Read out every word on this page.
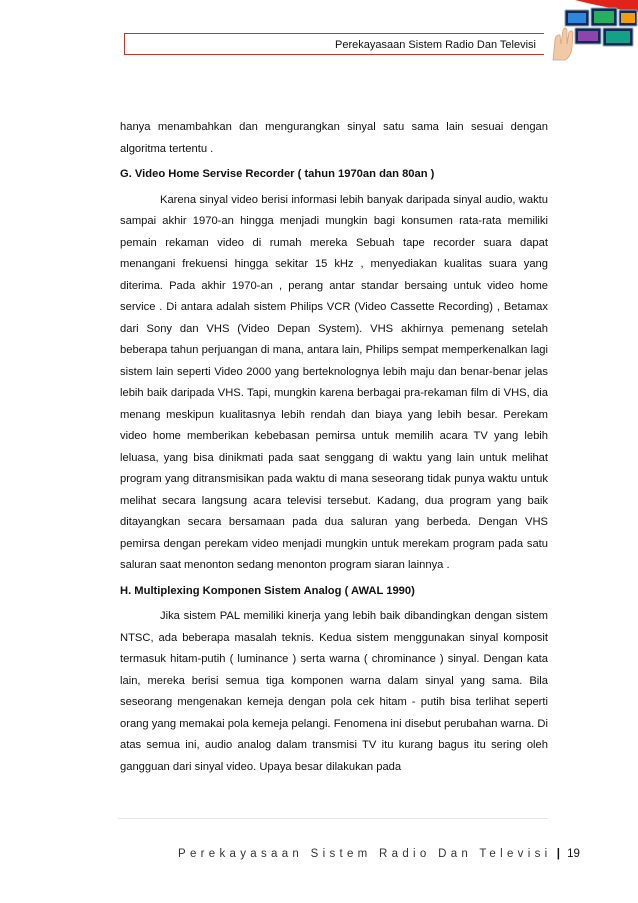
Perekayasaan Sistem Radio Dan Televisi

hanya menambahkan dan mengurangkan sinyal satu sama lain sesuai dengan algoritma tertentu .

G. Video Home Servise Recorder ( tahun 1970an dan 80an )

Karena sinyal video berisi informasi lebih banyak daripada sinyal audio, waktu sampai akhir 1970-an hingga menjadi mungkin bagi konsumen rata-rata memiliki pemain rekaman video di rumah mereka Sebuah tape recorder suara dapat menangani frekuensi hingga sekitar 15 kHz , menyediakan kualitas suara yang diterima. Pada akhir 1970-an , perang antar standar bersaing untuk video home service . Di antara adalah sistem Philips VCR (Video Cassette Recording) , Betamax dari Sony dan VHS (Video Depan System). VHS akhirnya pemenang setelah beberapa tahun perjuangan di mana, antara lain, Philips sempat memperkenalkan lagi sistem lain seperti Video 2000 yang berteknolognya lebih maju dan benar-benar jelas lebih baik daripada VHS. Tapi, mungkin karena berbagai pra-rekaman film di VHS, dia menang meskipun kualitasnya lebih rendah dan biaya yang lebih besar. Perekam video home memberikan kebebasan pemirsa untuk memilih acara TV yang lebih leluasa, yang bisa dinikmati pada saat senggang di waktu yang lain untuk melihat program yang ditransmisikan pada waktu di mana seseorang tidak punya waktu untuk melihat secara langsung acara televisi tersebut. Kadang, dua program yang baik ditayangkan secara bersamaan pada dua saluran yang berbeda. Dengan VHS pemirsa dengan perekam video menjadi mungkin untuk merekam program pada satu saluran saat menonton sedang menonton program siaran lainnya .

H. Multiplexing Komponen Sistem Analog ( AWAL 1990)

Jika sistem PAL memiliki kinerja yang lebih baik dibandingkan dengan sistem NTSC, ada beberapa masalah teknis. Kedua sistem menggunakan sinyal komposit termasuk hitam-putih ( luminance ) serta warna ( chrominance ) sinyal. Dengan kata lain, mereka berisi semua tiga komponen warna dalam sinyal yang sama. Bila seseorang mengenakan kemeja dengan pola cek hitam - putih bisa terlihat seperti orang yang memakai pola kemeja pelangi. Fenomena ini disebut perubahan warna. Di atas semua ini, audio analog dalam transmisi TV itu kurang bagus itu sering oleh gangguan dari sinyal video. Upaya besar dilakukan pada

Perekayasaan Sistem Radio Dan Televisi | 19
